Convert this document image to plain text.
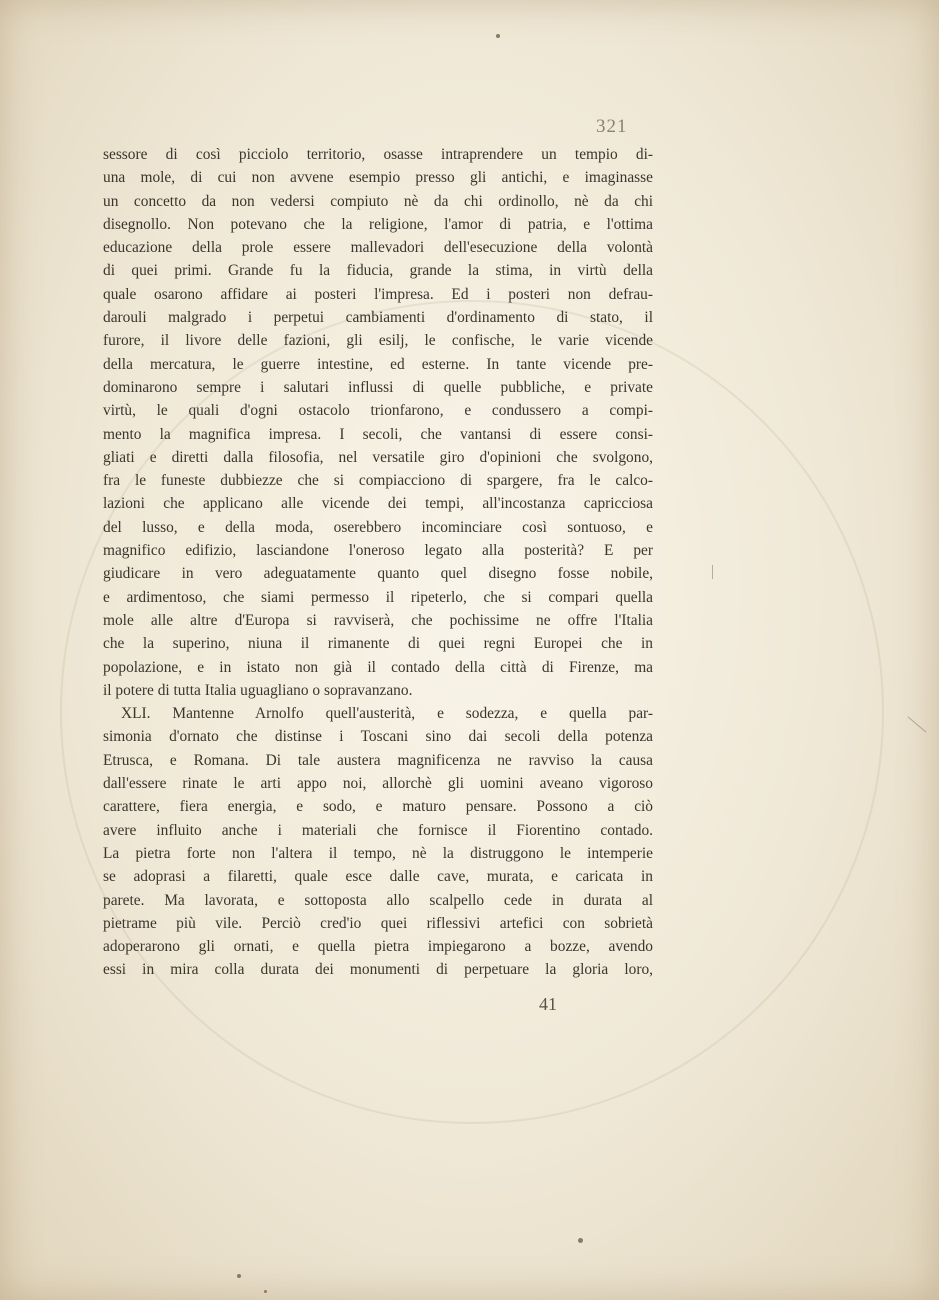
321
sessore di così picciolo territorio, osasse intraprendere un tempio di-
una mole, di cui non avvene esempio presso gli antichi, e imaginasse
un concetto da non vedersi compiuto nè da chi ordinollo, nè da chi
disegnollo. Non potevano che la religione, l'amor di patria, e l'ottima
educazione della prole essere mallevadori dell'esecuzione della volontà
di quei primi. Grande fu la fiducia, grande la stima, in virtù della
quale osarono affidare ai posteri l'impresa. Ed i posteri non defrau-
darouli malgrado i perpetui cambiamenti d'ordinamento di stato, il
furore, il livore delle fazioni, gli esilj, le confische, le varie vicende
della mercatura, le guerre intestine, ed esterne. In tante vicende pre-
dominarono sempre i salutari influssi di quelle pubbliche, e private
virtù, le quali d'ogni ostacolo trionfarono, e condussero a compi-
mento la magnifica impresa. I secoli, che vantansi di essere consi-
gliati e diretti dalla filosofia, nel versatile giro d'opinioni che svolgono,
fra le funeste dubbiezze che si compiacciono di spargere, fra le calco-
lazioni che applicano alle vicende dei tempi, all'incostanza capricciosa
del lusso, e della moda, oserebbero incominciare così sontuoso, e
magnifico edifizio, lasciandone l'oneroso legato alla posterità? E per
giudicare in vero adeguatamente quanto quel disegno fosse nobile,
e ardimentoso, che siami permesso il ripeterlo, che si compari quella
mole alle altre d'Europa si ravviserà, che pochissime ne offre l'Italia
che la superino, niuna il rimanente di quei regni Europei che in
popolazione, e in istato non già il contado della città di Firenze, ma
il potere di tutta Italia uguagliano o sopravanzano.
XLI. Mantenne Arnolfo quell'austerità, e sodezza, e quella par-
simonia d'ornato che distinse i Toscani sino dai secoli della potenza
Etrusca, e Romana. Di tale austera magnificenza ne ravviso la causa
dall'essere rinate le arti appo noi, allorchè gli uomini aveano vigoroso
carattere, fiera energia, e sodo, e maturo pensare. Possono a ciò
avere influito anche i materiali che fornisce il Fiorentino contado.
La pietra forte non l'altera il tempo, nè la distruggono le intemperie
se adoprasi a filaretti, quale esce dalle cave, murata, e caricata in
parete. Ma lavorata, e sottoposta allo scalpello cede in durata al
pietrame più vile. Perciò cred'io quei riflessivi artefici con sobrietà
adoperarono gli ornati, e quella pietra impiegarono a bozze, avendo
essi in mira colla durata dei monumenti di perpetuare la gloria loro,
41
